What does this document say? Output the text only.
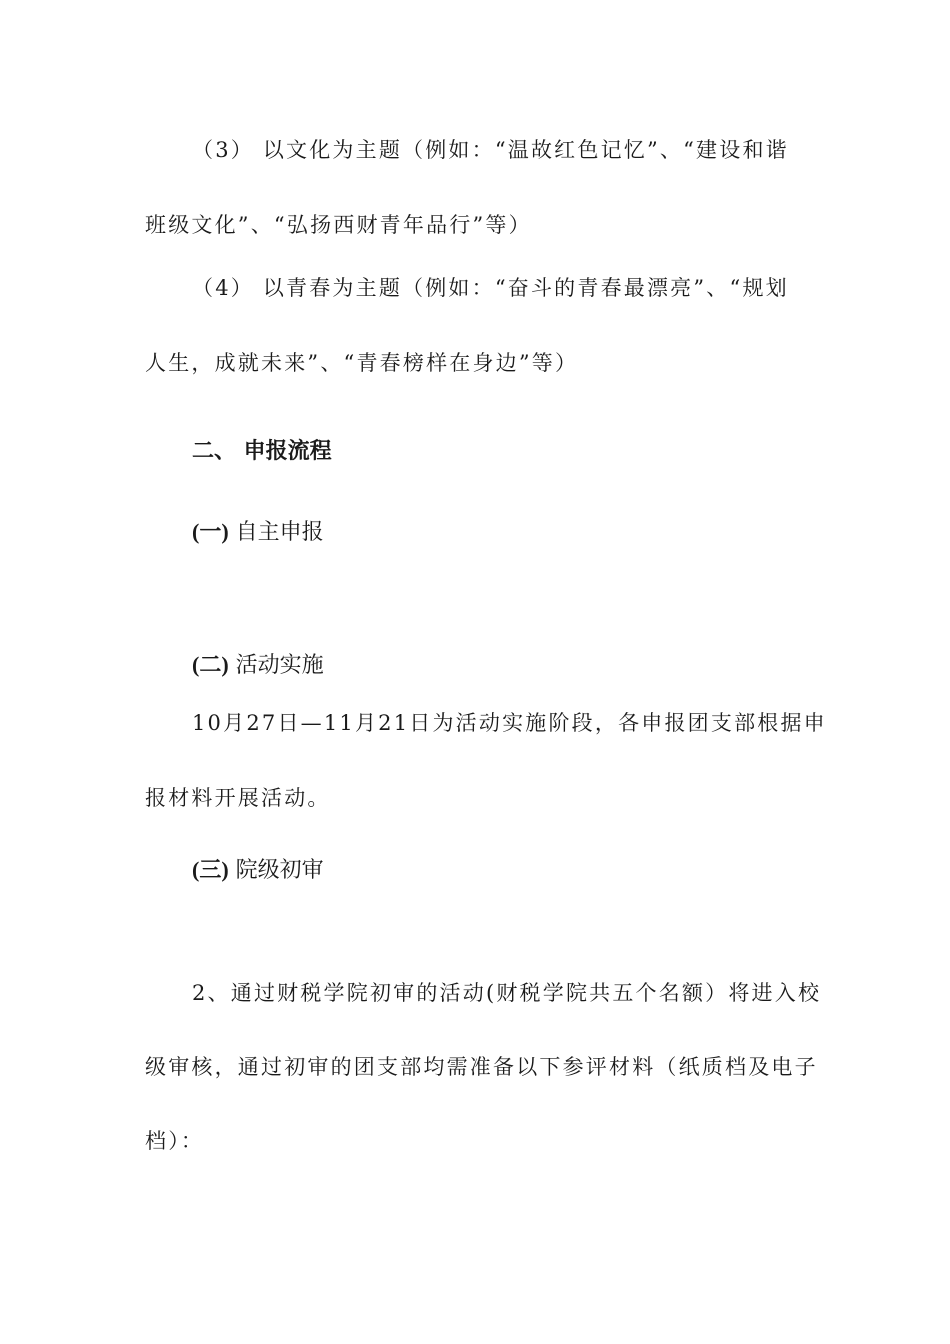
（3） 以文化为主题（例如：“温故红色记忆”、“建设和谐
班级文化”、“弘扬西财青年品行”等）
（4） 以青春为主题（例如：“奋斗的青春最漂亮”、“规划
人生，成就未来”、“青春榜样在身边”等）
二、 申报流程
(一) 自主申报
(二) 活动实施
10月27日—11月21日为活动实施阶段，各申报团支部根据申
报材料开展活动。
(三) 院级初审
2、通过财税学院初审的活动(财税学院共五个名额）将进入校
级审核，通过初审的团支部均需准备以下参评材料（纸质档及电子
档）：
